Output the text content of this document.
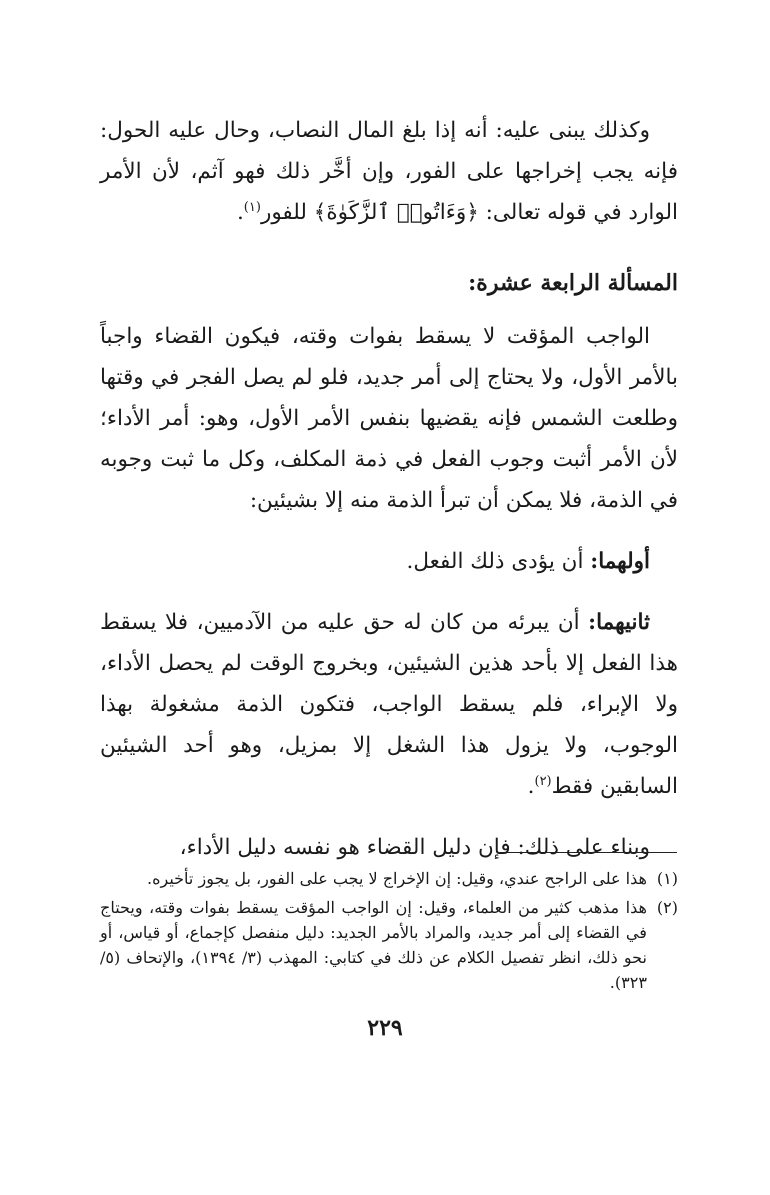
وكذلك يبنى عليه: أنه إذا بلغ المال النصاب، وحال عليه الحول: فإنه يجب إخراجها على الفور، وإن أخَّر ذلك فهو آثم، لأن الأمر الوارد في قوله تعالى: ﴿وَءَاتُوا۟ ٱلزَّكَوٰةَ﴾ للفور$^{(١)}$.

المسألة الرابعة عشرة:

الواجب المؤقت لا يسقط بفوات وقته، فيكون القضاء واجباً بالأمر الأول، ولا يحتاج إلى أمر جديد، فلو لم يصل الفجر في وقتها وطلعت الشمس فإنه يقضيها بنفس الأمر الأول، وهو: أمر الأداء؛ لأن الأمر أثبت وجوب الفعل في ذمة المكلف، وكل ما ثبت وجوبه في الذمة، فلا يمكن أن تبرأ الذمة منه إلا بشيئين:

أولهما: أن يؤدى ذلك الفعل.

ثانيهما: أن يبرئه من كان له حق عليه من الآدميين، فلا يسقط هذا الفعل إلا بأحد هذين الشيئين، وبخروج الوقت لم يحصل الأداء، ولا الإبراء، فلم يسقط الواجب، فتكون الذمة مشغولة بهذا الوجوب، ولا يزول هذا الشغل إلا بمزيل، وهو أحد الشيئين السابقين فقط$^{(٢)}$.

وبناء على ذلك: فإن دليل القضاء هو نفسه دليل الأداء،

(١)
هذا على الراجح عندي، وقيل: إن الإخراج لا يجب على الفور، بل يجوز تأخيره.
(٢)
هذا مذهب كثير من العلماء، وقيل: إن الواجب المؤقت يسقط بفوات وقته، ويحتاج في القضاء إلى أمر جديد، والمراد بالأمر الجديد: دليل منفصل كإجماع، أو قياس، أو نحو ذلك، انظر تفصيل الكلام عن ذلك في كتابي: المهذب (٣/ ١٣٩٤)، والإتحاف (٥/ ٣٢٣).
٢٢٩
